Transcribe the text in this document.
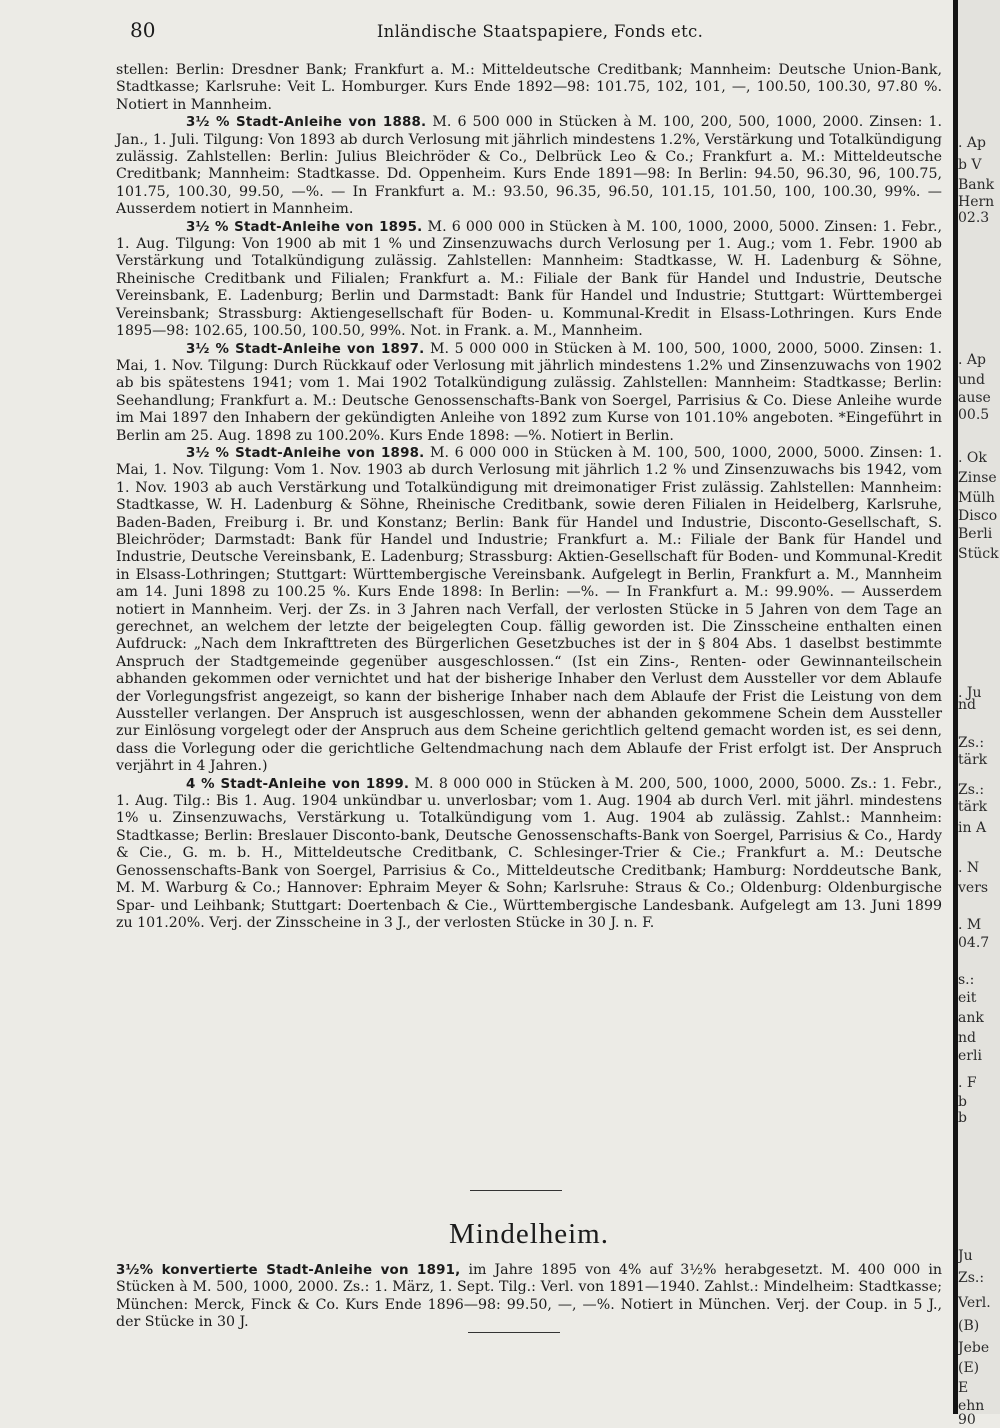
80	Inländische Staatspapiere, Fonds etc.

stellen: Berlin: Dresdner Bank; Frankfurt a. M.: Mitteldeutsche Creditbank; Mannheim: Deutsche Union-Bank, Stadtkasse; Karlsruhe: Veit L. Homburger. Kurs Ende 1892—98: 101.75, 102, 101, —, 100.50, 100.30, 97.80 %. Notiert in Mannheim.

3½ % Stadt-Anleihe von 1888. M. 6 500 000 in Stücken à M. 100, 200, 500, 1000, 2000. Zinsen: 1. Jan., 1. Juli. Tilgung: Von 1893 ab durch Verlosung mit jährlich mindestens 1.2%, Verstärkung und Totalkündigung zulässig. Zahlstellen: Berlin: Julius Bleichröder & Co., Delbrück Leo & Co.; Frankfurt a. M.: Mitteldeutsche Creditbank; Mannheim: Stadtkasse. Dd. Oppenheim. Kurs Ende 1891—98: In Berlin: 94.50, 96.30, 96, 100.75, 101.75, 100.30, 99.50, —%. — In Frankfurt a. M.: 93.50, 96.35, 96.50, 101.15, 101.50, 100, 100.30, 99%. — Ausserdem notiert in Mannheim.

3½ % Stadt-Anleihe von 1895. M. 6 000 000 in Stücken à M. 100, 1000, 2000, 5000. Zinsen: 1. Febr., 1. Aug. Tilgung: Von 1900 ab mit 1 % und Zinsenzuwachs durch Verlosung per 1. Aug.; vom 1. Febr. 1900 ab Verstärkung und Totalkündigung zulässig. Zahlstellen: Mannheim: Stadtkasse, W. H. Ladenburg & Söhne, Rheinische Creditbank und Filialen; Frankfurt a. M.: Filiale der Bank für Handel und Industrie, Deutsche Vereinsbank, E. Ladenburg; Berlin und Darmstadt: Bank für Handel und Industrie; Stuttgart: Württembergei Vereinsbank; Strassburg: Aktiengesellschaft für Boden- u. Kommunal-Kredit in Elsass-Lothringen. Kurs Ende 1895—98: 102.65, 100.50, 100.50, 99%. Not. in Frank. a. M., Mannheim.

3½ % Stadt-Anleihe von 1897. M. 5 000 000 in Stücken à M. 100, 500, 1000, 2000, 5000. Zinsen: 1. Mai, 1. Nov. Tilgung: Durch Rückkauf oder Verlosung mit jährlich mindestens 1.2% und Zinsenzuwachs von 1902 ab bis spätestens 1941; vom 1. Mai 1902 Totalkündigung zulässig. Zahlstellen: Mannheim: Stadtkasse; Berlin: Seehandlung; Frankfurt a. M.: Deutsche Genossenschafts-Bank von Soergel, Parrisius & Co. Diese Anleihe wurde im Mai 1897 den Inhabern der gekündigten Anleihe von 1892 zum Kurse von 101.10% angeboten. *Eingeführt in Berlin am 25. Aug. 1898 zu 100.20%. Kurs Ende 1898: —%. Notiert in Berlin.

3½ % Stadt-Anleihe von 1898. M. 6 000 000 in Stücken à M. 100, 500, 1000, 2000, 5000. Zinsen: 1. Mai, 1. Nov. Tilgung: Vom 1. Nov. 1903 ab durch Verlosung mit jährlich 1.2 % und Zinsenzuwachs bis 1942, vom 1. Nov. 1903 ab auch Verstärkung und Totalkündigung mit dreimonatiger Frist zulässig. Zahlstellen: Mannheim: Stadtkasse, W. H. Ladenburg & Söhne, Rheinische Creditbank, sowie deren Filialen in Heidelberg, Karlsruhe, Baden-Baden, Freiburg i. Br. und Konstanz; Berlin: Bank für Handel und Industrie, Disconto-Gesellschaft, S. Bleichröder; Darmstadt: Bank für Handel und Industrie; Frankfurt a. M.: Filiale der Bank für Handel und Industrie, Deutsche Vereinsbank, E. Ladenburg; Strassburg: Aktien-Gesellschaft für Boden- und Kommunal-Kredit in Elsass-Lothringen; Stuttgart: Württembergische Vereinsbank. Aufgelegt in Berlin, Frankfurt a. M., Mannheim am 14. Juni 1898 zu 100.25 %. Kurs Ende 1898: In Berlin: —%. — In Frankfurt a. M.: 99.90%. — Ausserdem notiert in Mannheim. Verj. der Zs. in 3 Jahren nach Verfall, der verlosten Stücke in 5 Jahren von dem Tage an gerechnet, an welchem der letzte der beigelegten Coup. fällig geworden ist. Die Zinsscheine enthalten einen Aufdruck: „Nach dem Inkrafttreten des Bürgerlichen Gesetzbuches ist der in § 804 Abs. 1 daselbst bestimmte Anspruch der Stadtgemeinde gegenüber ausgeschlossen.“ (Ist ein Zins-, Renten- oder Gewinnanteilschein abhanden gekommen oder vernichtet und hat der bisherige Inhaber den Verlust dem Aussteller vor dem Ablaufe der Vorlegungsfrist angezeigt, so kann der bisherige Inhaber nach dem Ablaufe der Frist die Leistung von dem Aussteller verlangen. Der Anspruch ist ausgeschlossen, wenn der abhanden gekommene Schein dem Aussteller zur Einlösung vorgelegt oder der Anspruch aus dem Scheine gerichtlich geltend gemacht worden ist, es sei denn, dass die Vorlegung oder die gerichtliche Geltendmachung nach dem Ablaufe der Frist erfolgt ist. Der Anspruch verjährt in 4 Jahren.)

4 % Stadt-Anleihe von 1899. M. 8 000 000 in Stücken à M. 200, 500, 1000, 2000, 5000. Zs.: 1. Febr., 1. Aug. Tilg.: Bis 1. Aug. 1904 unkündbar u. unverlosbar; vom 1. Aug. 1904 ab durch Verl. mit jährl. mindestens 1% u. Zinsenzuwachs, Verstärkung u. Totalkündigung vom 1. Aug. 1904 ab zulässig. Zahlst.: Mannheim: Stadtkasse; Berlin: Breslauer Disconto-bank, Deutsche Genossenschafts-Bank von Soergel, Parrisius & Co., Hardy & Cie., G. m. b. H., Mitteldeutsche Creditbank, C. Schlesinger-Trier & Cie.; Frankfurt a. M.: Deutsche Genossenschafts-Bank von Soergel, Parrisius & Co., Mitteldeutsche Creditbank; Hamburg: Norddeutsche Bank, M. M. Warburg & Co.; Hannover: Ephraim Meyer & Sohn; Karlsruhe: Straus & Co.; Oldenburg: Oldenburgische Spar- und Leihbank; Stuttgart: Doertenbach & Cie., Württembergische Landesbank. Aufgelegt am 13. Juni 1899 zu 101.20%. Verj. der Zinsscheine in 3 J., der verlosten Stücke in 30 J. n. F.

Mindelheim.

3½% konvertierte Stadt-Anleihe von 1891, im Jahre 1895 von 4% auf 3½% herabgesetzt. M. 400 000 in Stücken à M. 500, 1000, 2000. Zs.: 1. März, 1. Sept. Tilg.: Verl. von 1891—1940. Zahlst.: Mindelheim: Stadtkasse; München: Merck, Finck & Co. Kurs Ende 1896—98: 99.50, —, —%. Notiert in München. Verj. der Coup. in 5 J., der Stücke in 30 J.

. Ap
b V
Bank
Hern
02.3
. Ap
und
ause
00.5
. Ok
Zinse
Mülh
Disco
Berli
Stück
. Ju
nd
Zs.:
tärk
Zs.:
tärk
in A
. N
vers
. M
04.7
s.:
eit
ank
nd
erli
. F
b
b
Ju
Zs.:
Verl.
(B)
Jebe
(E)
E
ehn
90
